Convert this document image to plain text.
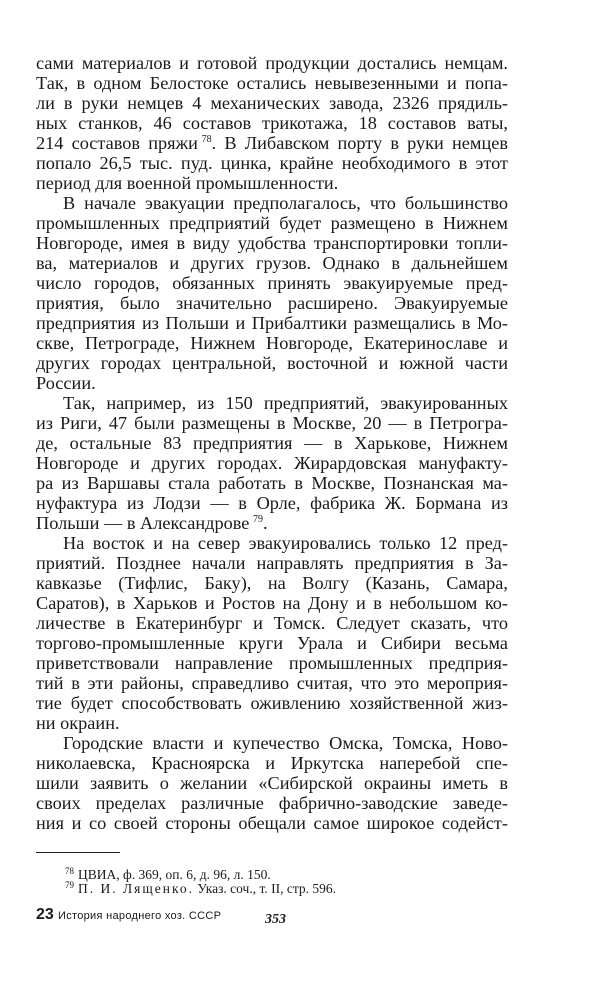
сами материалов и готовой продукции достались немцам.
Так, в одном Белостоке остались невывезенными и попа-
ли в руки немцев 4 механических завода, 2326 прядиль-
ных станков, 46 составов трикотажа, 18 составов ваты,
214 составов пряжи  $^{78}$. В Либавском порту в руки немцев
попало 26,5 тыс. пуд. цинка, крайне необходимого в этот
период для военной промышленности.
В начале эвакуации предполагалось, что большинство
промышленных предприятий будет размещено в Нижнем
Новгороде, имея в виду удобства транспортировки топли-
ва, материалов и других грузов. Однако в дальнейшем
число городов, обязанных принять эвакуируемые пред-
приятия, было значительно расширено. Эвакуируемые
предприятия из Польши и Прибалтики размещались в Мо-
скве, Петрограде, Нижнем Новгороде, Екатеринославе и
других городах центральной, восточной и южной части
России.
Так, например, из 150 предприятий, эвакуированных
из Риги, 47 были размещены в Москве, 20 — в Петрогра-
де, остальные 83 предприятия — в Харькове, Нижнем
Новгороде и других городах. Жирардовская мануфакту-
ра из Варшавы стала работать в Москве, Познанская ма-
нуфактура из Лодзи — в Орле, фабрика Ж. Бормана из
Польши — в Александрове  $^{79}$.
На восток и на север эвакуировались только 12 пред-
приятий. Позднее начали направлять предприятия в За-
кавказье (Тифлис, Баку), на Волгу (Казань, Самара,
Саратов), в Харьков и Ростов на Дону и в небольшом ко-
личестве в Екатеринбург и Томск. Следует сказать, что
торгово-промышленные круги Урала и Сибири весьма
приветствовали направление промышленных предприя-
тий в эти районы, справедливо считая, что это мероприя-
тие будет способствовать оживлению хозяйственной жиз-
ни окраин.
Городские власти и купечество Омска, Томска, Ново-
николаевска, Красноярска и Иркутска наперебой спе-
шили заявить о желании «Сибирской окраины иметь в
своих пределах различные фабрично-заводские заведе-
ния и со своей стороны обещали самое широкое содейст-
$^{78}$ ЦВИА, ф. 369, оп. 6, д. 96, л. 150.
$^{79}$ П. И. Лященко. Указ. соч., т. II, стр. 596.
23 История народнего хоз. СССР	353
